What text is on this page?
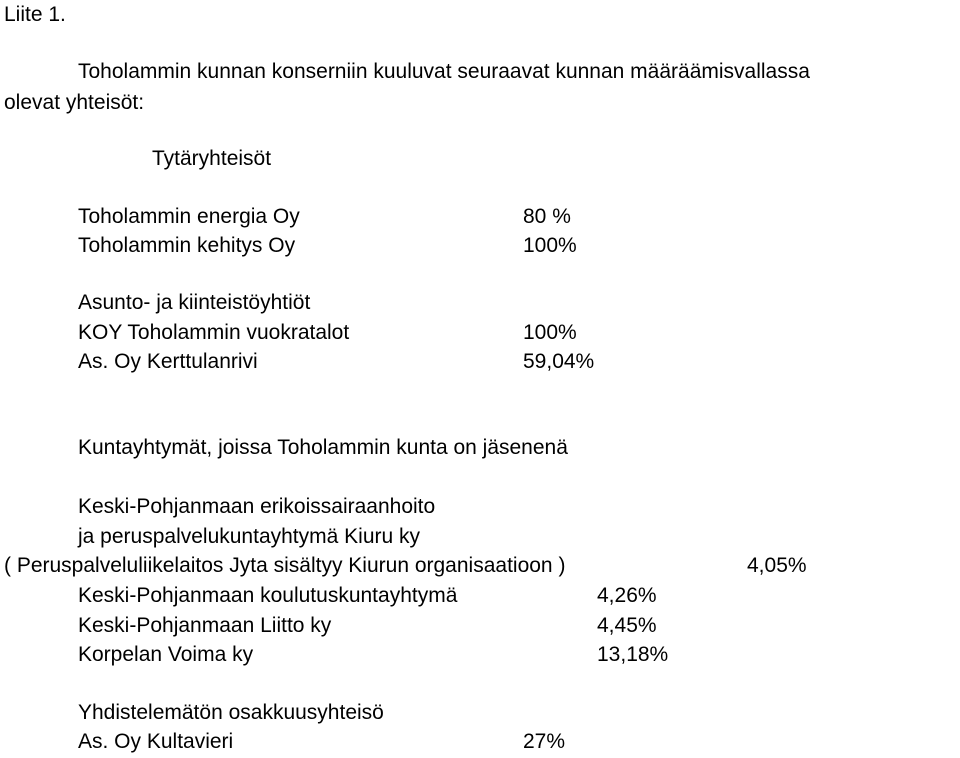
Liite 1.
Toholammin kunnan konserniin kuuluvat seuraavat kunnan määräämisvallassa
olevat yhteisöt:
Tytäryhteisöt
Toholammin energia Oy	80 %
Toholammin kehitys Oy	100%
Asunto- ja kiinteistöyhtiöt
KOY Toholammin vuokratalot	100%
As. Oy Kerttulanrivi	59,04%
Kuntayhtymät, joissa Toholammin kunta on jäsenenä
Keski-Pohjanmaan erikoissairaanhoito
ja peruspalvelukuntayhtymä Kiuru ky
( Peruspalveluliikelaitos Jyta sisältyy Kiurun organisaatioon )	4,05%
Keski-Pohjanmaan koulutuskuntayhtymä	4,26%
Keski-Pohjanmaan Liitto ky	4,45%
Korpelan Voima ky	13,18%
Yhdistelemätön osakkuusyhteisö
As. Oy Kultavieri	27%
